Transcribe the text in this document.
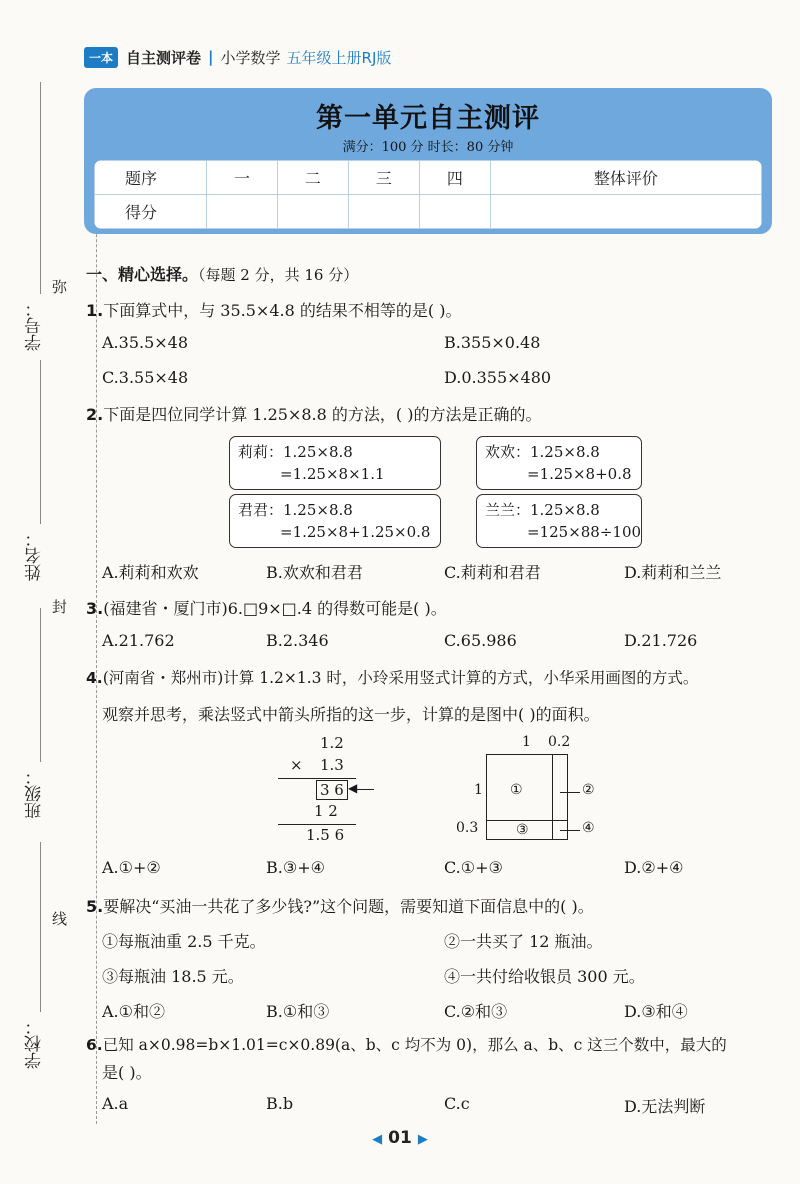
一本 自主测评卷 | 小学数学 五年级上册RJ版
学号：
姓名：
班级：
学校：
弥
封
线
第一单元自主测评
满分：100 分 时长：80 分钟
题序	一	二	三	四	整体评价
得分					
一、精心选择。（每题 2 分，共 16 分）
1.下面算式中，与 35.5×4.8 的结果不相等的是( )。
A.35.5×48	B.355×0.48
C.3.55×48	D.0.355×480
2.下面是四位同学计算 1.25×8.8 的方法，( )的方法是正确的。
莉莉：1.25×8.8
=1.25×8×1.1
欢欢：1.25×8.8
=1.25×8+0.8
君君：1.25×8.8
=1.25×8+1.25×0.8
兰兰：1.25×8.8
=125×88÷100
A.莉莉和欢欢	B.欢欢和君君	C.莉莉和君君	D.莉莉和兰兰
3.(福建省・厦门市)6.□9×□.4 的得数可能是( )。
A.21.762	B.2.346	C.65.986	D.21.726
4.(河南省・郑州市)计算 1.2×1.3 时，小玲采用竖式计算的方式，小华采用画图的方式。
观察并思考，乘法竖式中箭头所指的这一步，计算的是图中( )的面积。
1.2
× 1.3
3 6 ◀
1 2
1.5 6
1 0.2
1
0.3
①
③
②
④
A.①+②	B.③+④	C.①+③	D.②+④
5.要解决“买油一共花了多少钱?”这个问题，需要知道下面信息中的( )。
①每瓶油重 2.5 千克。	②一共买了 12 瓶油。
③每瓶油 18.5 元。	④一共付给收银员 300 元。
A.①和②	B.①和③	C.②和③	D.③和④
6.已知 a×0.98=b×1.01=c×0.89(a、b、c 均不为 0)，那么 a、b、c 这三个数中，最大的
是( )。
A.a	B.b	C.c	D.无法判断
◀ 01 ▶
